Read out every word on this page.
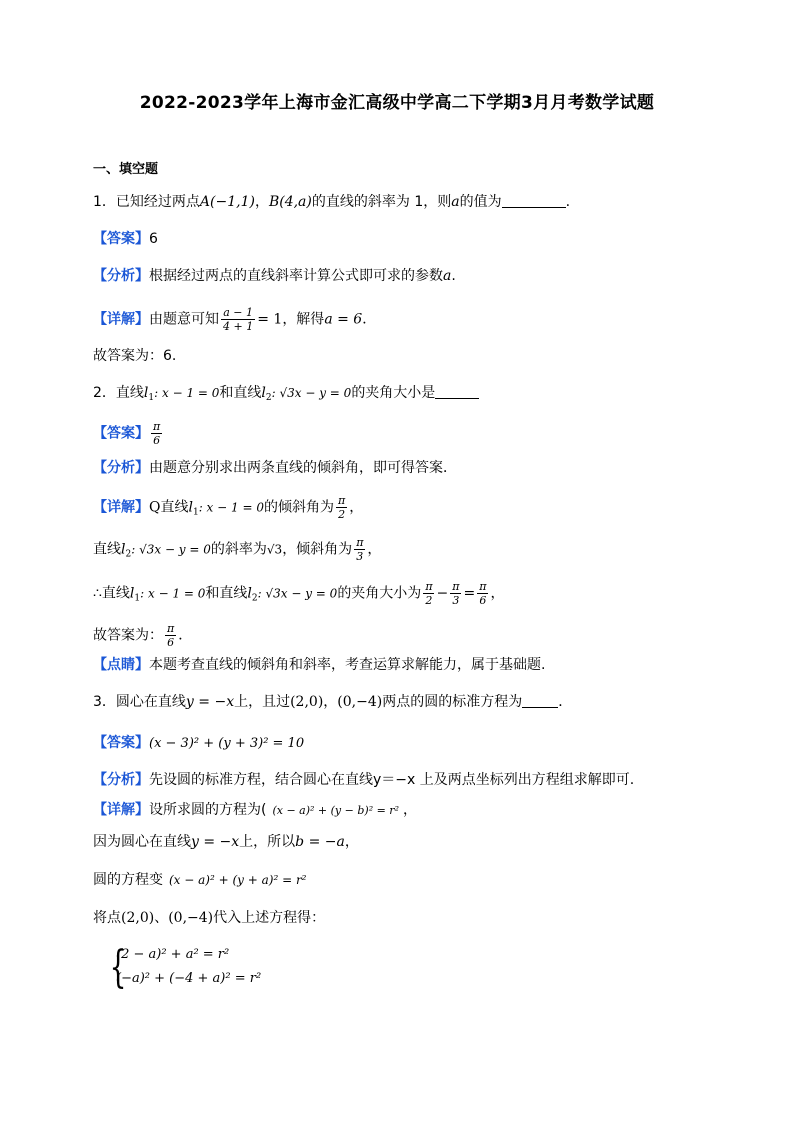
2022-2023学年上海市金汇高级中学高二下学期3月月考数学试题
一、填空题
1．已知经过两点A(−1,1)，B(4,a)的直线的斜率为 1，则a的值为	.
【答案】6
【分析】根据经过两点的直线斜率计算公式即可求的参数a.
【详解】由题意可知 $\frac{a - 1}{4 + 1} = 1$，解得a = 6．
故答案为：6.
2．直线$l_1$: x − 1 = 0和直线$l_2$: √3x − y = 0的夹角大小是
【答案】 $\frac{\pi}{6}$
【分析】由题意分别求出两条直线的倾斜角，即可得答案．
【详解】Q直线$l_1$: x − 1 = 0的倾斜角为 $\frac{\pi}{2}$ ，
直线$l_2$: √3x − y = 0的斜率为√3，倾斜角为 $\frac{\pi}{3}$ ，
∴直线$l_1$: x − 1 = 0和直线$l_2$: √3x − y = 0的夹角大小为 $\frac{\pi}{2} - \frac{\pi}{3} = \frac{\pi}{6}$ ，
故答案为： $\frac{\pi}{6}$ ．
【点睛】本题考查直线的倾斜角和斜率，考查运算求解能力，属于基础题.
3．圆心在直线y = −x上，且过(2,0)，(0,−4)两点的圆的标准方程为	．
【答案】(x − 3)² + (y + 3)² = 10
【分析】先设圆的标准方程，结合圆心在直线y＝−x 上及两点坐标列出方程组求解即可.
【详解】设所求圆的方程为( (x − a)² + (y − b)² = r² ，
因为圆心在直线y = −x上，所以b = −a，
圆的方程变 (x − a)² + (y + a)² = r²
将点(2,0)、(0,−4)代入上述方程得：
{
(2 − a)² + a² = r²
(−a)² + (−4 + a)² = r²
